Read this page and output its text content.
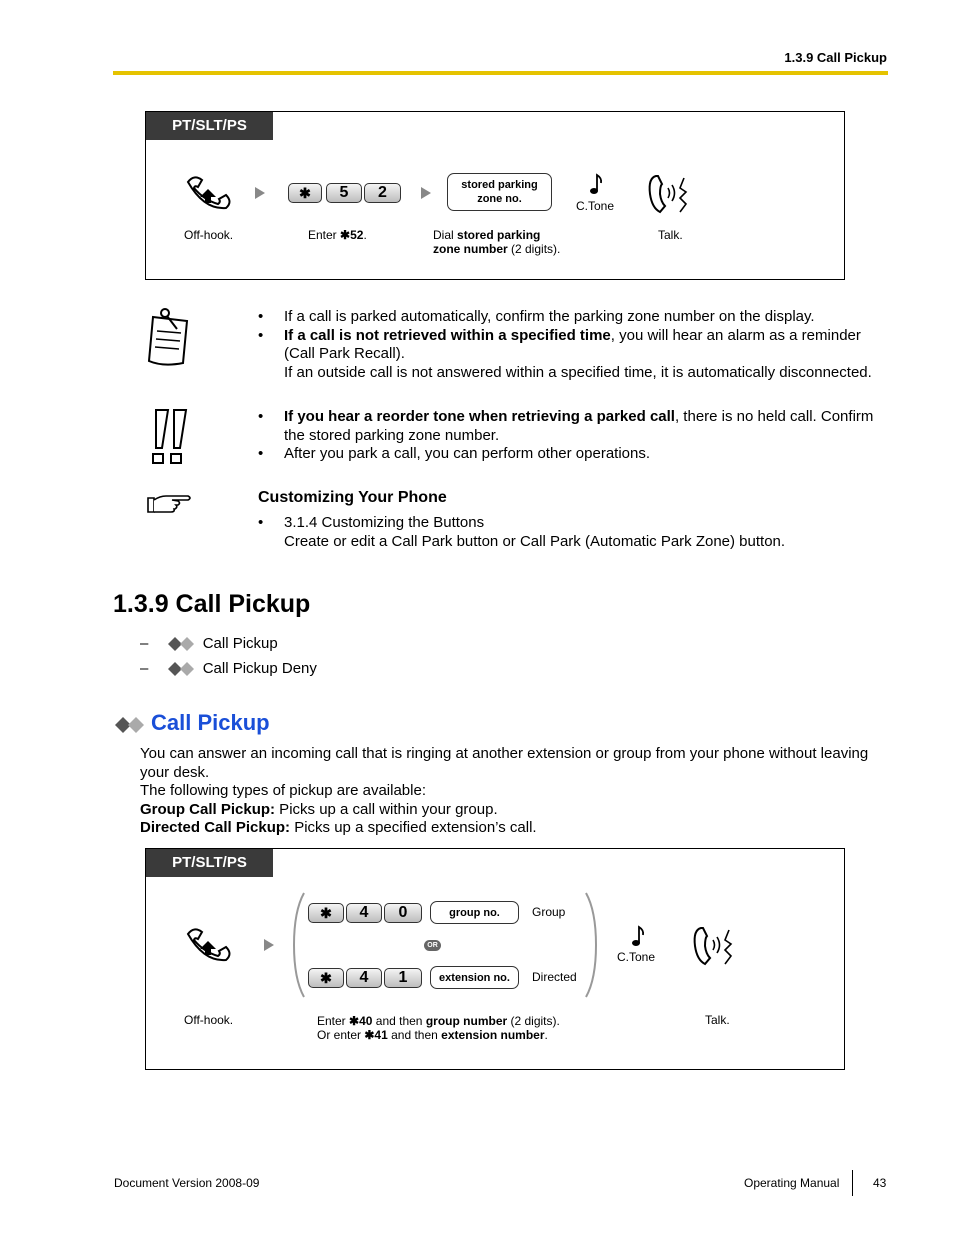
1.3.9 Call Pickup
PT/SLT/PS
✱	5	2	stored parking
zone no.	C.Tone
Off-hook.	Enter ✱52.	Dial stored parking
zone number (2 digits).
Talk.
• If a call is parked automatically, confirm the parking zone number on the display.
• If a call is not retrieved within a specified time, you will hear an alarm as a reminder
(Call Park Recall).
If an outside call is not answered within a specified time, it is automatically disconnected.
• If you hear a reorder tone when retrieving a parked call, there is no held call. Confirm
the stored parking zone number.
• After you park a call, you can perform other operations.
Customizing Your Phone
• 3.1.4 Customizing the Buttons
Create or edit a Call Park button or Call Park (Automatic Park Zone) button.
1.3.9 Call Pickup
–	Call Pickup
–	Call Pickup Deny
Call Pickup
You can answer an incoming call that is ringing at another extension or group from your phone without leaving
your desk.
The following types of pickup are available:
Group Call Pickup: Picks up a call within your group.
Directed Call Pickup: Picks up a specified extension’s call.
PT/SLT/PS
✱	4	0	group no.	Group
OR
✱	4	1	extension no.	Directed
C.Tone
Off-hook.	Enter ✱40 and then group number (2 digits).
Or enter ✱41 and then extension number.
Talk.
Document Version 2008-09	Operating Manual	43
